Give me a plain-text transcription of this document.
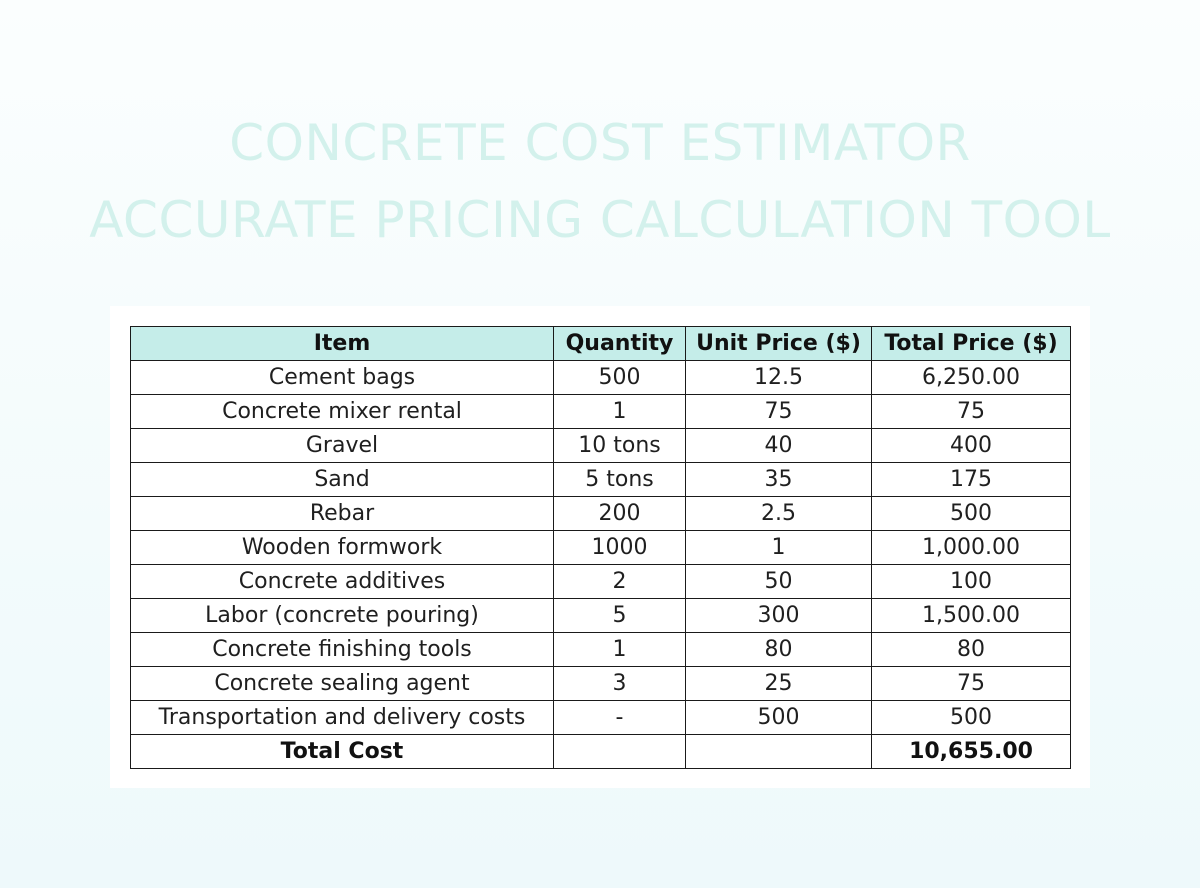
CONCRETE COST ESTIMATOR
ACCURATE PRICING CALCULATION TOOL
Item	Quantity	Unit Price ($)	Total Price ($)
Cement bags	500	12.5	6,250.00
Concrete mixer rental	1	75	75
Gravel	10 tons	40	400
Sand	5 tons	35	175
Rebar	200	2.5	500
Wooden formwork	1000	1	1,000.00
Concrete additives	2	50	100
Labor (concrete pouring)	5	300	1,500.00
Concrete finishing tools	1	80	80
Concrete sealing agent	3	25	75
Transportation and delivery costs	-	500	500
Total Cost			10,655.00
